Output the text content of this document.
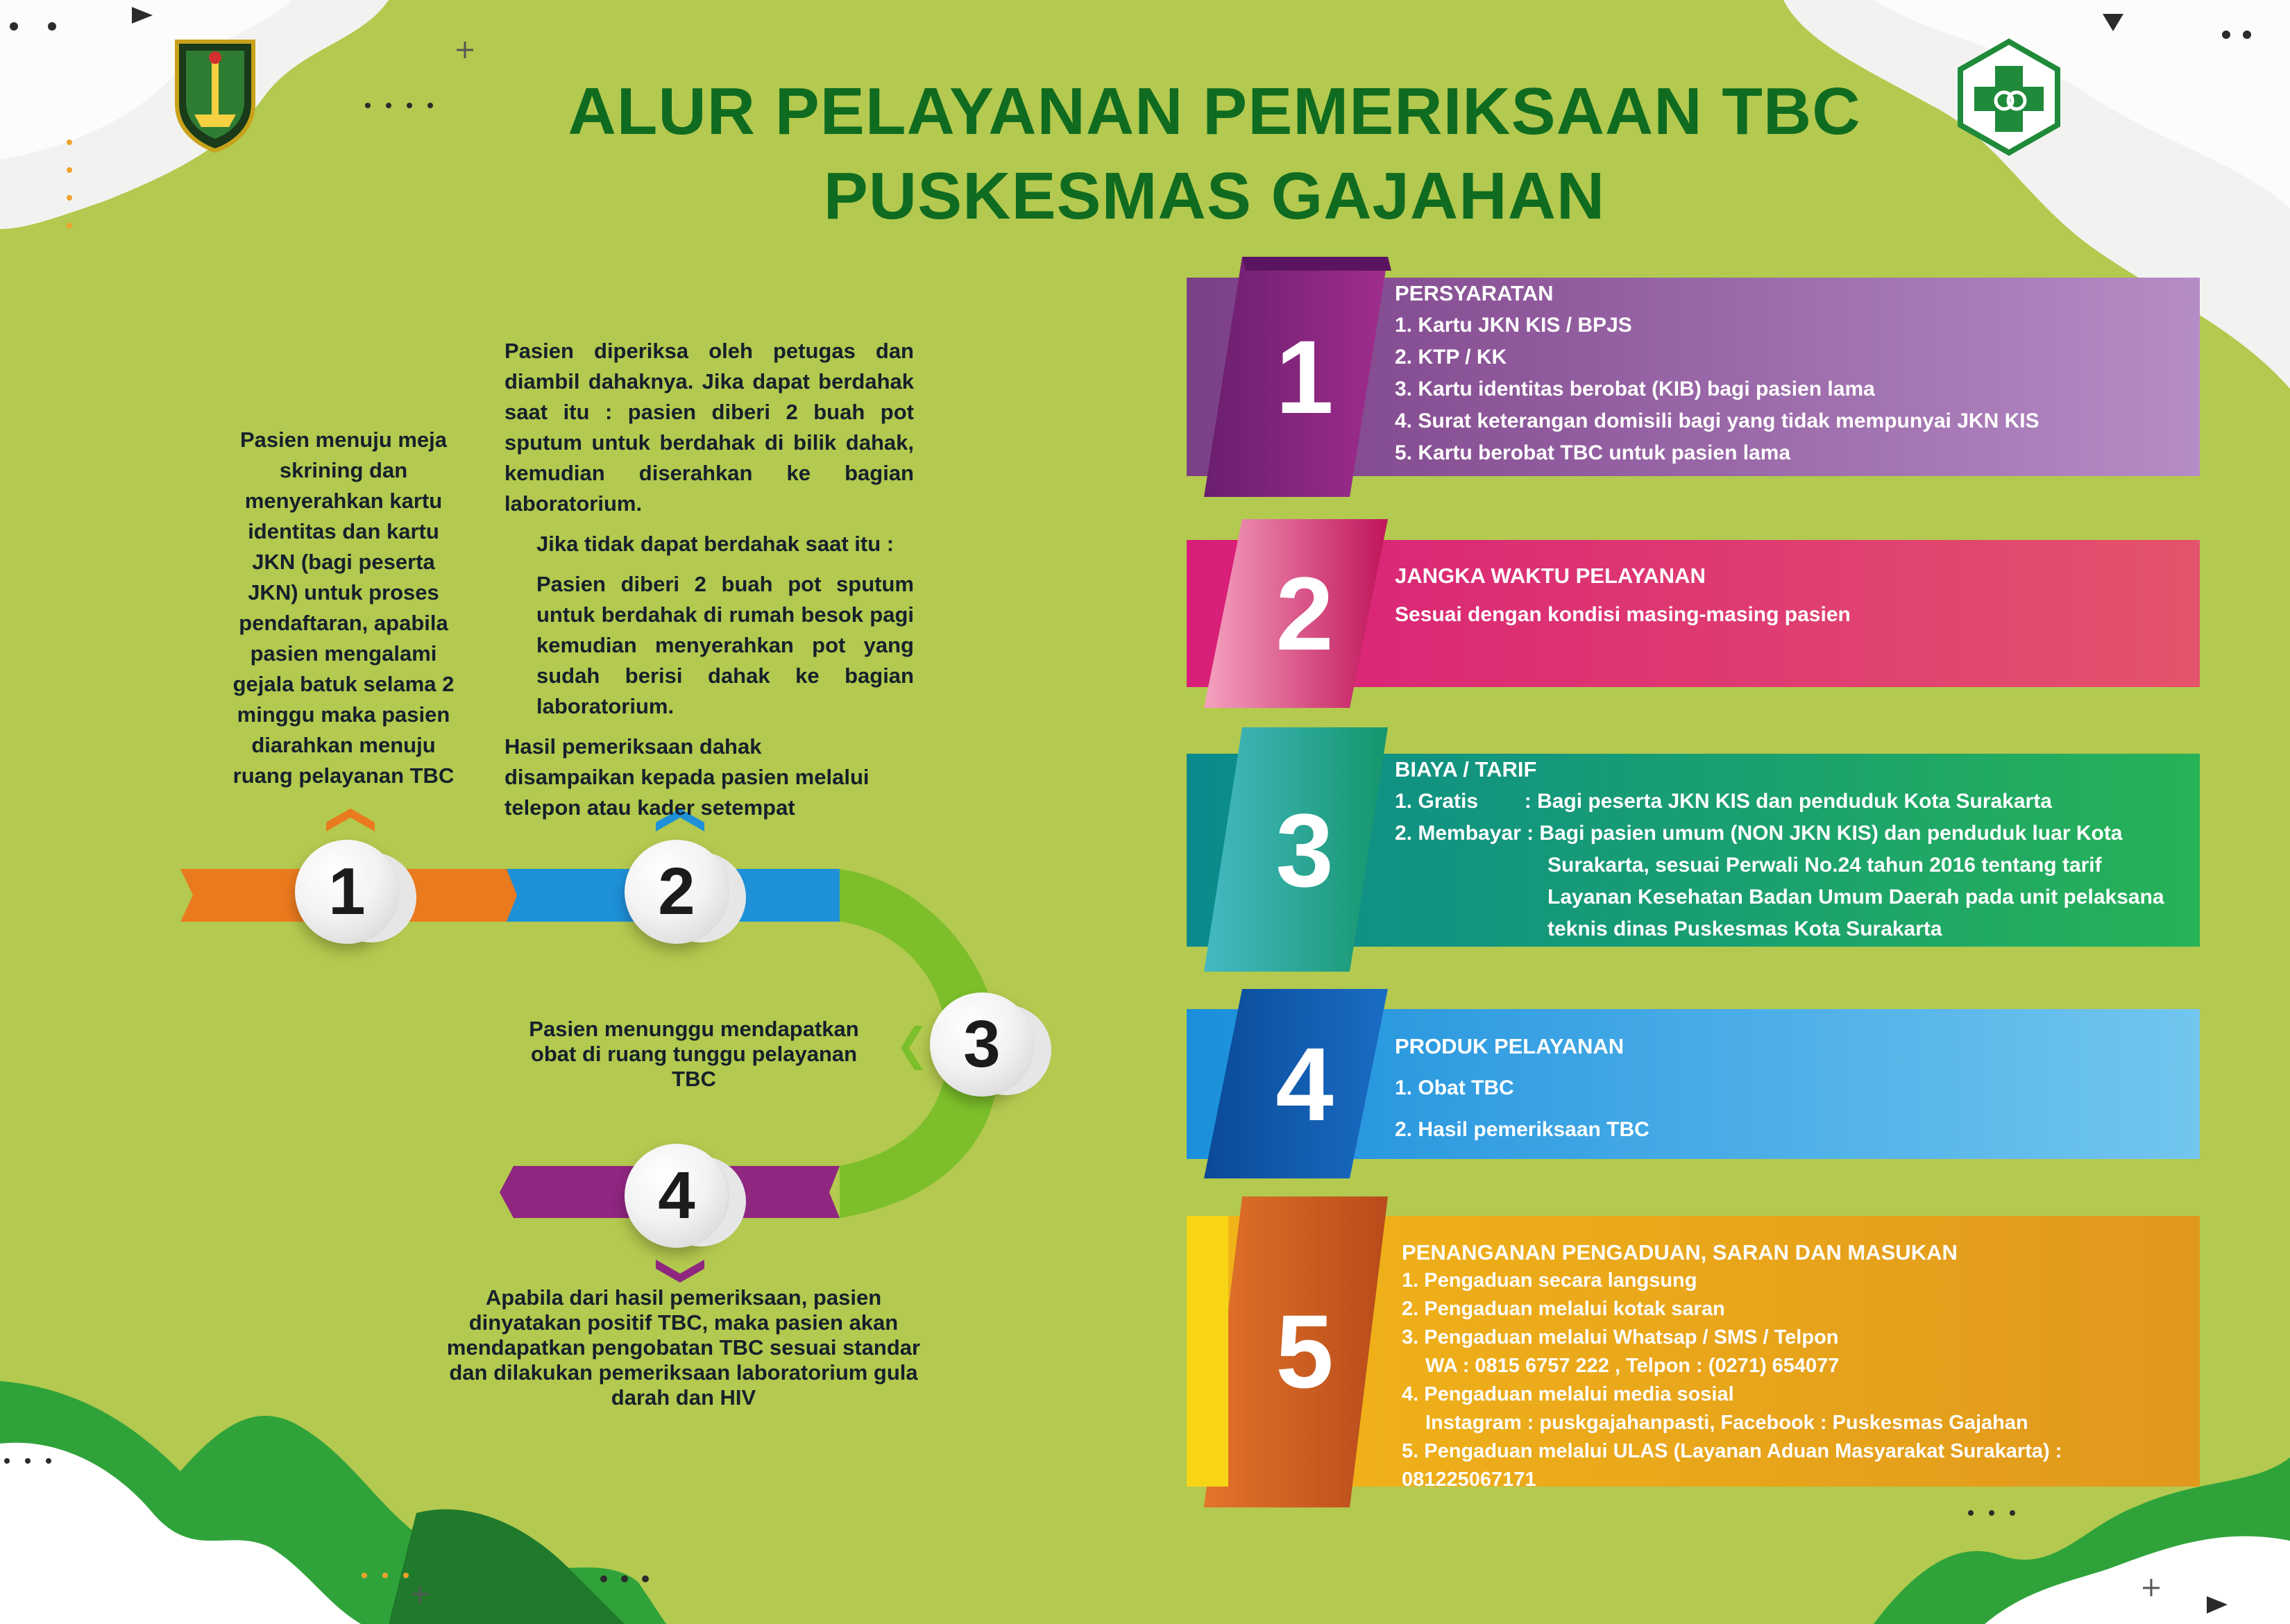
ALUR PELAYANAN PEMERIKSAAN TBC
PUSKESMAS GAJAHAN
Pasien menuju meja skrining dan menyerahkan kartu identitas dan kartu JKN (bagi peserta JKN) untuk proses pendaftaran, apabila pasien mengalami gejala batuk selama 2 minggu maka pasien diarahkan menuju ruang pelayanan TBC
Pasien diperiksa oleh petugas dan diambil dahaknya. Jika dapat berdahak saat itu : pasien diberi 2 buah pot sputum untuk berdahak di bilik dahak, kemudian diserahkan ke bagian laboratorium.
Jika tidak dapat berdahak saat itu :
Pasien diberi 2 buah pot sputum untuk berdahak di rumah besok pagi kemudian menyerahkan pot yang sudah berisi dahak ke bagian laboratorium.
Hasil pemeriksaan dahak disampaikan kepada pasien melalui telepon atau kader setempat
Pasien menunggu mendapatkan obat di ruang tunggu pelayanan TBC
Apabila dari hasil pemeriksaan, pasien dinyatakan positif TBC, maka pasien akan mendapatkan pengobatan TBC sesuai standar dan dilakukan pemeriksaan laboratorium gula darah dan HIV
1	2
3
4
1
2
3
4
5
PERSYARATAN
1. Kartu JKN KIS / BPJS
2. KTP / KK
3. Kartu identitas berobat (KIB) bagi pasien lama
4. Surat keterangan domisili bagi yang tidak mempunyai JKN KIS
5. Kartu berobat TBC untuk pasien lama
JANGKA WAKTU PELAYANAN
Sesuai dengan kondisi masing-masing pasien
BIAYA / TARIF
1. Gratis        : Bagi peserta JKN KIS dan penduduk Kota Surakarta
2. Membayar : Bagi pasien umum (NON JKN KIS) dan penduduk luar Kota
Surakarta, sesuai Perwali No.24 tahun 2016 tentang tarif
Layanan Kesehatan Badan Umum Daerah pada unit pelaksana
teknis dinas Puskesmas Kota Surakarta
PRODUK PELAYANAN
1. Obat TBC
2. Hasil pemeriksaan TBC
PENANGANAN PENGADUAN, SARAN DAN MASUKAN
1. Pengaduan secara langsung
2. Pengaduan melalui kotak saran
3. Pengaduan melalui Whatsap / SMS / Telpon
WA : 0815 6757 222 , Telpon : (0271) 654077
4. Pengaduan melalui media sosial
Instagram : puskgajahanpasti, Facebook : Puskesmas Gajahan
5. Pengaduan melalui ULAS (Layanan Aduan Masyarakat Surakarta) : 081225067171
